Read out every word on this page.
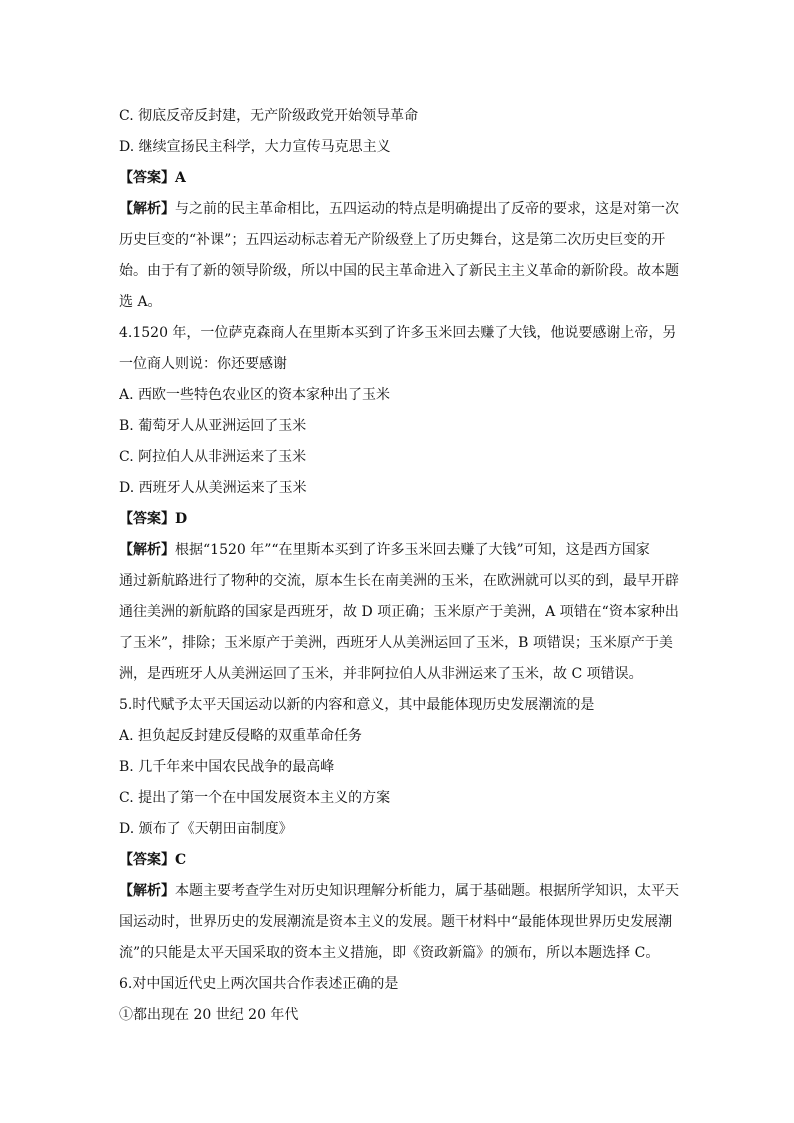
C. 彻底反帝反封建，无产阶级政党开始领导革命
D. 继续宣扬民主科学，大力宣传马克思主义
【答案】A
【解析】与之前的民主革命相比，五四运动的特点是明确提出了反帝的要求，这是对第一次
历史巨变的“补课”；五四运动标志着无产阶级登上了历史舞台，这是第二次历史巨变的开
始。由于有了新的领导阶级，所以中国的民主革命进入了新民主主义革命的新阶段。故本题
选 A。
4.1520 年，一位萨克森商人在里斯本买到了许多玉米回去赚了大钱，他说要感谢上帝，另
一位商人则说：你还要感谢
A. 西欧一些特色农业区的资本家种出了玉米
B. 葡萄牙人从亚洲运回了玉米
C. 阿拉伯人从非洲运来了玉米
D. 西班牙人从美洲运来了玉米
【答案】D
【解析】根据“1520 年”“在里斯本买到了许多玉米回去赚了大钱”可知，这是西方国家
通过新航路进行了物种的交流，原本生长在南美洲的玉米，在欧洲就可以买的到，最早开辟
通往美洲的新航路的国家是西班牙，故 D 项正确；玉米原产于美洲，A 项错在“资本家种出
了玉米”，排除；玉米原产于美洲，西班牙人从美洲运回了玉米，B 项错误；玉米原产于美
洲，是西班牙人从美洲运回了玉米，并非阿拉伯人从非洲运来了玉米，故 C 项错误。
5.时代赋予太平天国运动以新的内容和意义，其中最能体现历史发展潮流的是
A. 担负起反封建反侵略的双重革命任务
B. 几千年来中国农民战争的最高峰
C. 提出了第一个在中国发展资本主义的方案
D. 颁布了《天朝田亩制度》
【答案】C
【解析】本题主要考查学生对历史知识理解分析能力，属于基础题。根据所学知识，太平天
国运动时，世界历史的发展潮流是资本主义的发展。题干材料中“最能体现世界历史发展潮
流”的只能是太平天国采取的资本主义措施，即《资政新篇》的颁布，所以本题选择 C。
6.对中国近代史上两次国共合作表述正确的是
①都出现在 20 世纪 20 年代
